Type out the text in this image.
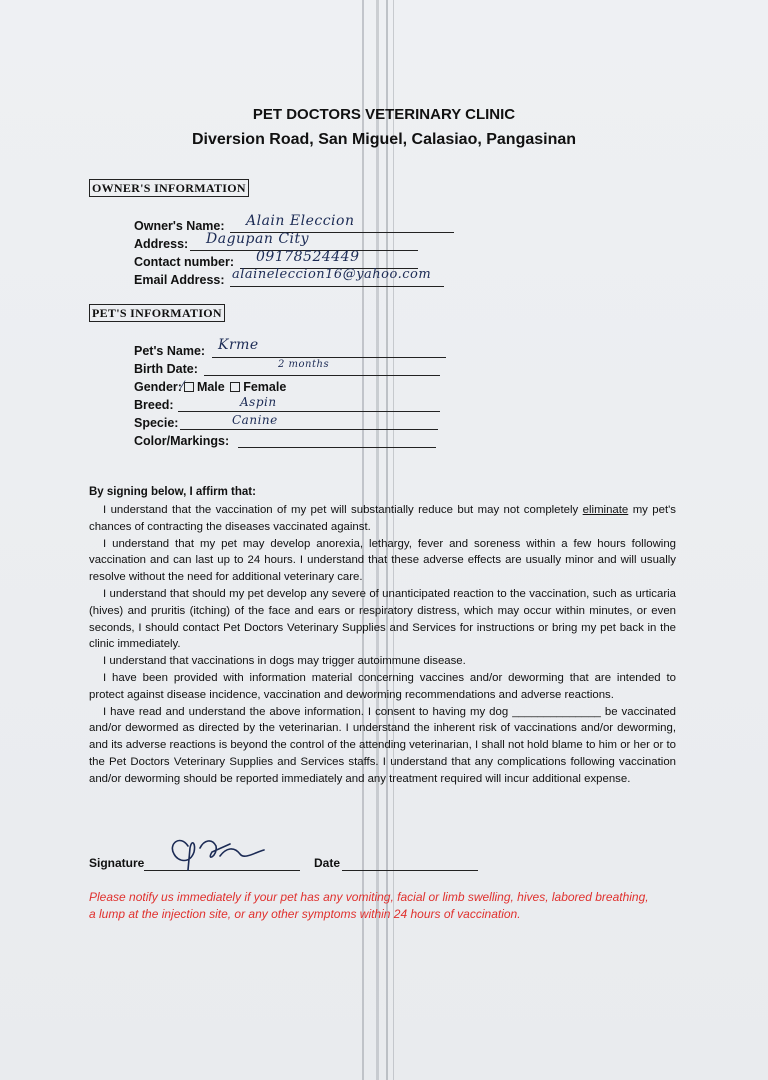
PET DOCTORS VETERINARY CLINIC
Diversion Road, San Miguel, Calasiao, Pangasinan
OWNER'S INFORMATION
Owner's Name: Alain Eleccion
Address: Dagupan City
Contact number: 09178524449
Email Address: alaineleccion16@yahoo.com
PET'S INFORMATION
Pet's Name: Krme
Birth Date:	2 months
Gender: ⁄ Male Female
Breed:	Aspin
Specie:	Canine
Color/Markings:
By signing below, I affirm that:

I understand that the vaccination of my pet will substantially reduce but may not completely eliminate my pet's chances of contracting the diseases vaccinated against.

I understand that my pet may develop anorexia, lethargy, fever and soreness within a few hours following vaccination and can last up to 24 hours. I understand that these adverse effects are usually minor and will usually resolve without the need for additional veterinary care.

I understand that should my pet develop any severe of unanticipated reaction to the vaccination, such as urticaria (hives) and pruritis (itching) of the face and ears or respiratory distress, which may occur within minutes, or even seconds, I should contact Pet Doctors Veterinary Supplies and Services for instructions or bring my pet back in the clinic immediately.

I understand that vaccinations in dogs may trigger autoimmune disease.

I have been provided with information material concerning vaccines and/or deworming that are intended to protect against disease incidence, vaccination and deworming recommendations and adverse reactions.

I have read and understand the above information. I consent to having my dog ______________ be vaccinated and/or dewormed as directed by the veterinarian. I understand the inherent risk of vaccinations and/or deworming, and its adverse reactions is beyond the control of the attending veterinarian, I shall not hold blame to him or her or to the Pet Doctors Veterinary Supplies and Services staffs. I understand that any complications following vaccination and/or deworming should be reported immediately and any treatment required will incur additional expense.

Signature	Date
Please notify us immediately if your pet has any vomiting, facial or limb swelling, hives, labored breathing, a lump at the injection site, or any other symptoms within 24 hours of vaccination.
